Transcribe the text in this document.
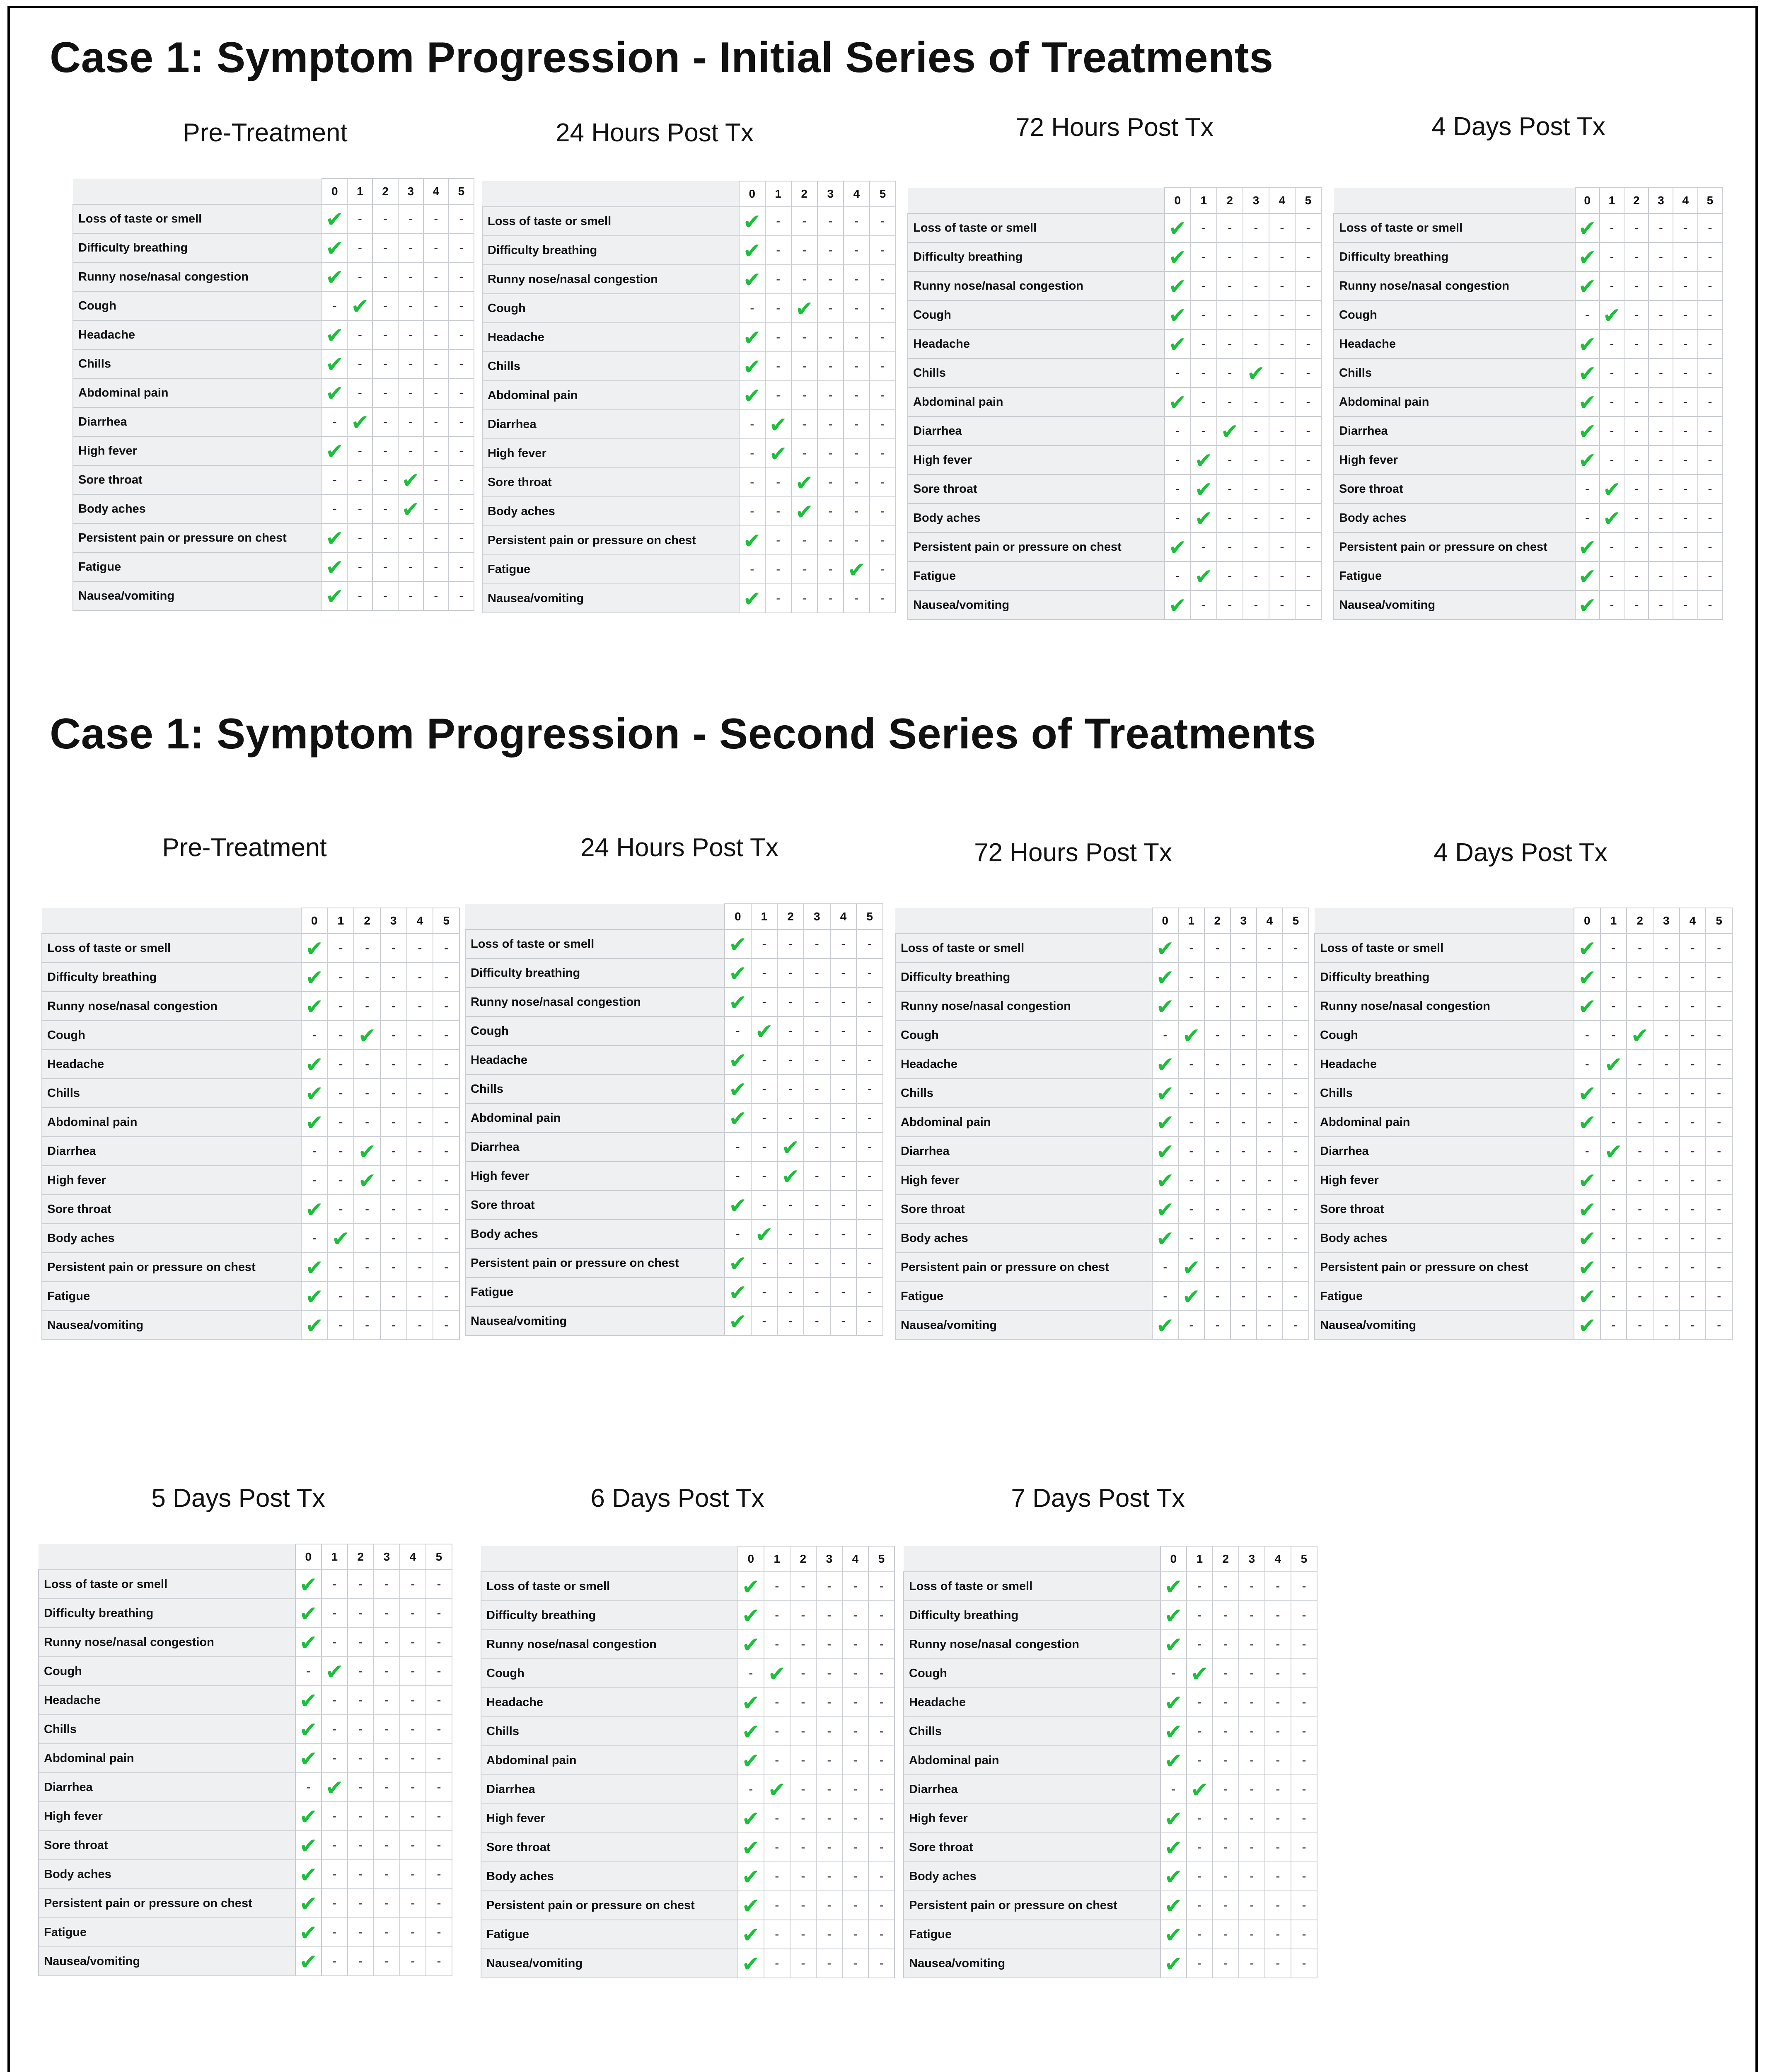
Case 1: Symptom Progression - Initial Series of Treatments
Case 1: Symptom Progression - Second Series of Treatments
Pre-Treatment	24 Hours Post Tx	72 Hours Post Tx	4 Days Post Tx
Pre-Treatment	24 Hours Post Tx	72 Hours Post Tx	4 Days Post Tx
5 Days Post Tx	6 Days Post Tx	7 Days Post Tx
	0	1	2	3	4	5
Loss of taste or smell	✔	-	-	-	-	-
Difficulty breathing	✔	-	-	-	-	-
Runny nose/nasal congestion	✔	-	-	-	-	-
Cough	-	✔	-	-	-	-
Headache	✔	-	-	-	-	-
Chills	✔	-	-	-	-	-
Abdominal pain	✔	-	-	-	-	-
Diarrhea	-	✔	-	-	-	-
High fever	✔	-	-	-	-	-
Sore throat	-	-	-	✔	-	-
Body aches	-	-	-	✔	-	-
Persistent pain or pressure on chest	✔	-	-	-	-	-
Fatigue	✔	-	-	-	-	-
Nausea/vomiting	✔	-	-	-	-	-
	0	1	2	3	4	5
Loss of taste or smell	✔	-	-	-	-	-
Difficulty breathing	✔	-	-	-	-	-
Runny nose/nasal congestion	✔	-	-	-	-	-
Cough	-	-	✔	-	-	-
Headache	✔	-	-	-	-	-
Chills	✔	-	-	-	-	-
Abdominal pain	✔	-	-	-	-	-
Diarrhea	-	✔	-	-	-	-
High fever	-	✔	-	-	-	-
Sore throat	-	-	✔	-	-	-
Body aches	-	-	✔	-	-	-
Persistent pain or pressure on chest	✔	-	-	-	-	-
Fatigue	-	-	-	-	✔	-
Nausea/vomiting	✔	-	-	-	-	-
	0	1	2	3	4	5
Loss of taste or smell	✔	-	-	-	-	-
Difficulty breathing	✔	-	-	-	-	-
Runny nose/nasal congestion	✔	-	-	-	-	-
Cough	✔	-	-	-	-	-
Headache	✔	-	-	-	-	-
Chills	-	-	-	✔	-	-
Abdominal pain	✔	-	-	-	-	-
Diarrhea	-	-	✔	-	-	-
High fever	-	✔	-	-	-	-
Sore throat	-	✔	-	-	-	-
Body aches	-	✔	-	-	-	-
Persistent pain or pressure on chest	✔	-	-	-	-	-
Fatigue	-	✔	-	-	-	-
Nausea/vomiting	✔	-	-	-	-	-
	0	1	2	3	4	5
Loss of taste or smell	✔	-	-	-	-	-
Difficulty breathing	✔	-	-	-	-	-
Runny nose/nasal congestion	✔	-	-	-	-	-
Cough	-	✔	-	-	-	-
Headache	✔	-	-	-	-	-
Chills	✔	-	-	-	-	-
Abdominal pain	✔	-	-	-	-	-
Diarrhea	✔	-	-	-	-	-
High fever	✔	-	-	-	-	-
Sore throat	-	✔	-	-	-	-
Body aches	-	✔	-	-	-	-
Persistent pain or pressure on chest	✔	-	-	-	-	-
Fatigue	✔	-	-	-	-	-
Nausea/vomiting	✔	-	-	-	-	-
	0	1	2	3	4	5
Loss of taste or smell	✔	-	-	-	-	-
Difficulty breathing	✔	-	-	-	-	-
Runny nose/nasal congestion	✔	-	-	-	-	-
Cough	-	-	✔	-	-	-
Headache	✔	-	-	-	-	-
Chills	✔	-	-	-	-	-
Abdominal pain	✔	-	-	-	-	-
Diarrhea	-	-	✔	-	-	-
High fever	-	-	✔	-	-	-
Sore throat	✔	-	-	-	-	-
Body aches	-	✔	-	-	-	-
Persistent pain or pressure on chest	✔	-	-	-	-	-
Fatigue	✔	-	-	-	-	-
Nausea/vomiting	✔	-	-	-	-	-
	0	1	2	3	4	5
Loss of taste or smell	✔	-	-	-	-	-
Difficulty breathing	✔	-	-	-	-	-
Runny nose/nasal congestion	✔	-	-	-	-	-
Cough	-	✔	-	-	-	-
Headache	✔	-	-	-	-	-
Chills	✔	-	-	-	-	-
Abdominal pain	✔	-	-	-	-	-
Diarrhea	-	-	✔	-	-	-
High fever	-	-	✔	-	-	-
Sore throat	✔	-	-	-	-	-
Body aches	-	✔	-	-	-	-
Persistent pain or pressure on chest	✔	-	-	-	-	-
Fatigue	✔	-	-	-	-	-
Nausea/vomiting	✔	-	-	-	-	-
	0	1	2	3	4	5
Loss of taste or smell	✔	-	-	-	-	-
Difficulty breathing	✔	-	-	-	-	-
Runny nose/nasal congestion	✔	-	-	-	-	-
Cough	-	✔	-	-	-	-
Headache	✔	-	-	-	-	-
Chills	✔	-	-	-	-	-
Abdominal pain	✔	-	-	-	-	-
Diarrhea	✔	-	-	-	-	-
High fever	✔	-	-	-	-	-
Sore throat	✔	-	-	-	-	-
Body aches	✔	-	-	-	-	-
Persistent pain or pressure on chest	-	✔	-	-	-	-
Fatigue	-	✔	-	-	-	-
Nausea/vomiting	✔	-	-	-	-	-
	0	1	2	3	4	5
Loss of taste or smell	✔	-	-	-	-	-
Difficulty breathing	✔	-	-	-	-	-
Runny nose/nasal congestion	✔	-	-	-	-	-
Cough	-	-	✔	-	-	-
Headache	-	✔	-	-	-	-
Chills	✔	-	-	-	-	-
Abdominal pain	✔	-	-	-	-	-
Diarrhea	-	✔	-	-	-	-
High fever	✔	-	-	-	-	-
Sore throat	✔	-	-	-	-	-
Body aches	✔	-	-	-	-	-
Persistent pain or pressure on chest	✔	-	-	-	-	-
Fatigue	✔	-	-	-	-	-
Nausea/vomiting	✔	-	-	-	-	-
	0	1	2	3	4	5
Loss of taste or smell	✔	-	-	-	-	-
Difficulty breathing	✔	-	-	-	-	-
Runny nose/nasal congestion	✔	-	-	-	-	-
Cough	-	✔	-	-	-	-
Headache	✔	-	-	-	-	-
Chills	✔	-	-	-	-	-
Abdominal pain	✔	-	-	-	-	-
Diarrhea	-	✔	-	-	-	-
High fever	✔	-	-	-	-	-
Sore throat	✔	-	-	-	-	-
Body aches	✔	-	-	-	-	-
Persistent pain or pressure on chest	✔	-	-	-	-	-
Fatigue	✔	-	-	-	-	-
Nausea/vomiting	✔	-	-	-	-	-
	0	1	2	3	4	5
Loss of taste or smell	✔	-	-	-	-	-
Difficulty breathing	✔	-	-	-	-	-
Runny nose/nasal congestion	✔	-	-	-	-	-
Cough	-	✔	-	-	-	-
Headache	✔	-	-	-	-	-
Chills	✔	-	-	-	-	-
Abdominal pain	✔	-	-	-	-	-
Diarrhea	-	✔	-	-	-	-
High fever	✔	-	-	-	-	-
Sore throat	✔	-	-	-	-	-
Body aches	✔	-	-	-	-	-
Persistent pain or pressure on chest	✔	-	-	-	-	-
Fatigue	✔	-	-	-	-	-
Nausea/vomiting	✔	-	-	-	-	-
	0	1	2	3	4	5
Loss of taste or smell	✔	-	-	-	-	-
Difficulty breathing	✔	-	-	-	-	-
Runny nose/nasal congestion	✔	-	-	-	-	-
Cough	-	✔	-	-	-	-
Headache	✔	-	-	-	-	-
Chills	✔	-	-	-	-	-
Abdominal pain	✔	-	-	-	-	-
Diarrhea	-	✔	-	-	-	-
High fever	✔	-	-	-	-	-
Sore throat	✔	-	-	-	-	-
Body aches	✔	-	-	-	-	-
Persistent pain or pressure on chest	✔	-	-	-	-	-
Fatigue	✔	-	-	-	-	-
Nausea/vomiting	✔	-	-	-	-	-
